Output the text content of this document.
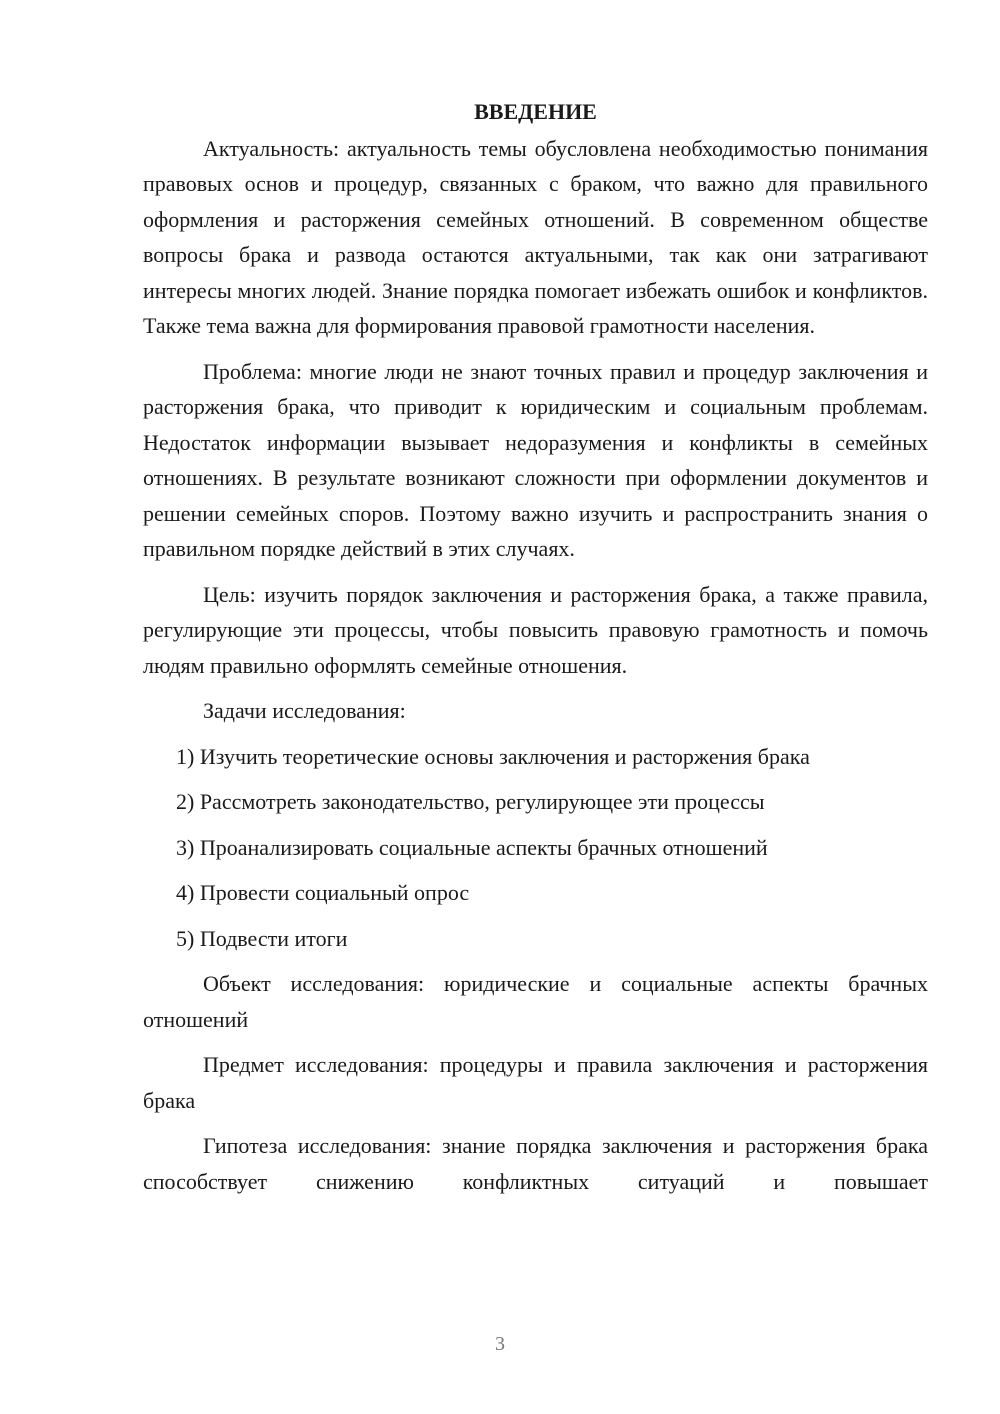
ВВЕДЕНИЕ

Актуальность: актуальность темы обусловлена необходимостью понимания правовых основ и процедур, связанных с браком, что важно для правильного оформления и расторжения семейных отношений. В современном обществе вопросы брака и развода остаются актуальными, так как они затрагивают интересы многих людей. Знание порядка помогает избежать ошибок и конфликтов. Также тема важна для формирования правовой грамотности населения.

Проблема: многие люди не знают точных правил и процедур заключения и расторжения брака, что приводит к юридическим и социальным проблемам. Недостаток информации вызывает недоразумения и конфликты в семейных отношениях. В результате возникают сложности при оформлении документов и решении семейных споров. Поэтому важно изучить и распространить знания о правильном порядке действий в этих случаях.

Цель: изучить порядок заключения и расторжения брака, а также правила, регулирующие эти процессы, чтобы повысить правовую грамотность и помочь людям правильно оформлять семейные отношения.

Задачи исследования:

1) Изучить теоретические основы заключения и расторжения брака

2) Рассмотреть законодательство, регулирующее эти процессы

3) Проанализировать социальные аспекты брачных отношений

4) Провести социальный опрос

5) Подвести итоги

Объект исследования: юридические и социальные аспекты брачных отношений

Предмет исследования: процедуры и правила заключения и расторжения брака

Гипотеза исследования: знание порядка заключения и расторжения брака способствует снижению конфликтных ситуаций и повышает

3
